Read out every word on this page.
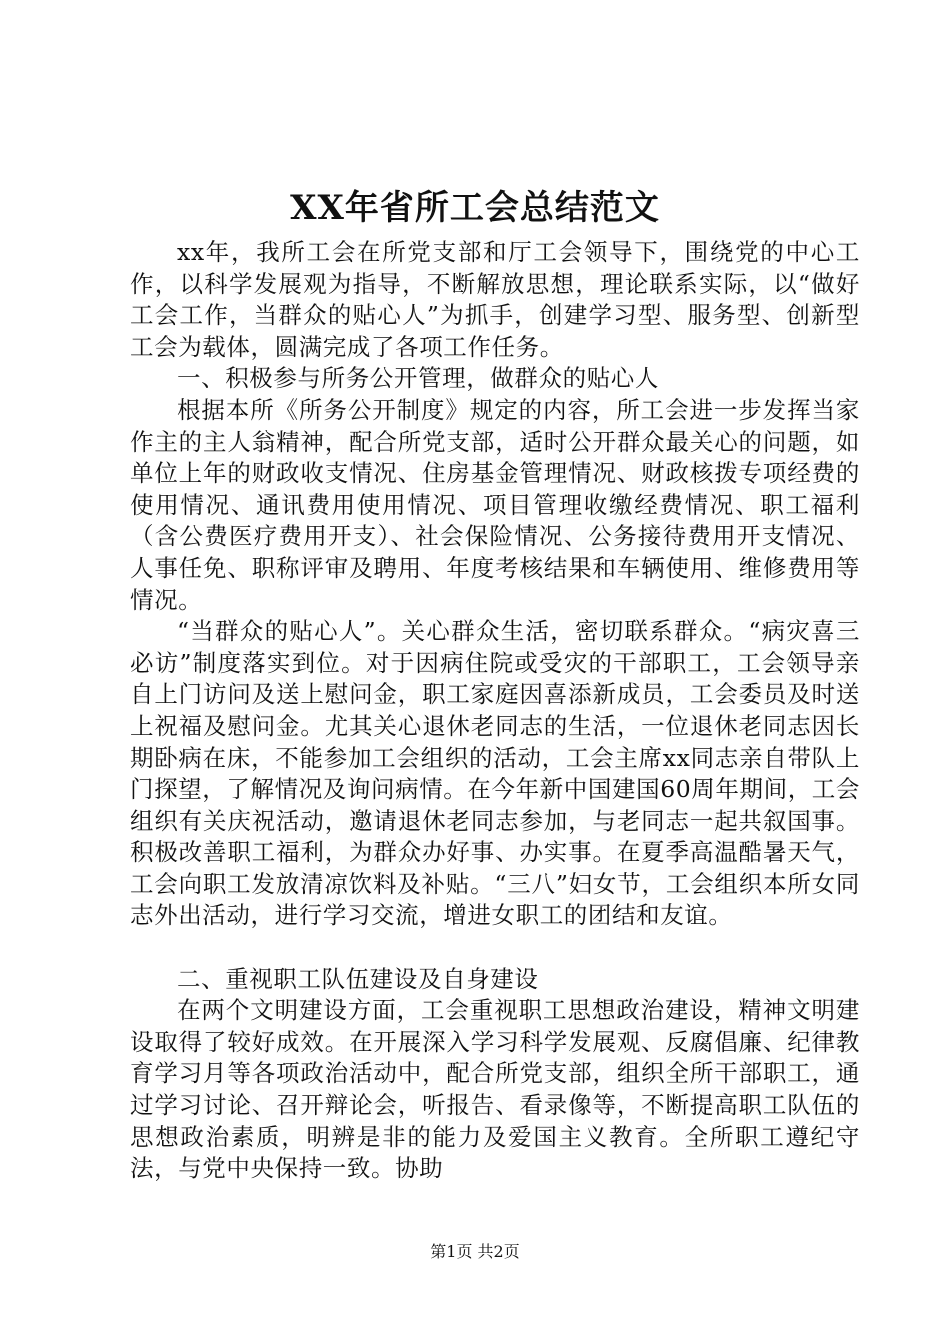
XX年省所工会总结范文

xx年，我所工会在所党支部和厅工会领导下，围绕党的中心工作，以科学发展观为指导，不断解放思想，理论联系实际，以“做好工会工作，当群众的贴心人”为抓手，创建学习型、服务型、创新型工会为载体，圆满完成了各项工作任务。

一、积极参与所务公开管理，做群众的贴心人

根据本所《所务公开制度》规定的内容，所工会进一步发挥当家作主的主人翁精神，配合所党支部，适时公开群众最关心的问题，如单位上年的财政收支情况、住房基金管理情况、财政核拨专项经费的使用情况、通讯费用使用情况、项目管理收缴经费情况、职工福利（含公费医疗费用开支）、社会保险情况、公务接待费用开支情况、人事任免、职称评审及聘用、年度考核结果和车辆使用、维修费用等情况。

“当群众的贴心人”。关心群众生活，密切联系群众。“病灾喜三必访”制度落实到位。对于因病住院或受灾的干部职工，工会领导亲自上门访问及送上慰问金，职工家庭因喜添新成员，工会委员及时送上祝福及慰问金。尤其关心退休老同志的生活，一位退休老同志因长期卧病在床，不能参加工会组织的活动，工会主席xx同志亲自带队上门探望，了解情况及询问病情。在今年新中国建国60周年期间，工会组织有关庆祝活动，邀请退休老同志参加，与老同志一起共叙国事。积极改善职工福利，为群众办好事、办实事。在夏季高温酷暑天气，工会向职工发放清凉饮料及补贴。“三八”妇女节，工会组织本所女同志外出活动，进行学习交流，增进女职工的团结和友谊。

二、重视职工队伍建设及自身建设

在两个文明建设方面，工会重视职工思想政治建设，精神文明建设取得了较好成效。在开展深入学习科学发展观、反腐倡廉、纪律教育学习月等各项政治活动中，配合所党支部，组织全所干部职工，通过学习讨论、召开辩论会，听报告、看录像等，不断提高职工队伍的思想政治素质，明辨是非的能力及爱国主义教育。全所职工遵纪守法，与党中央保持一致。协助

第1页 共2页
